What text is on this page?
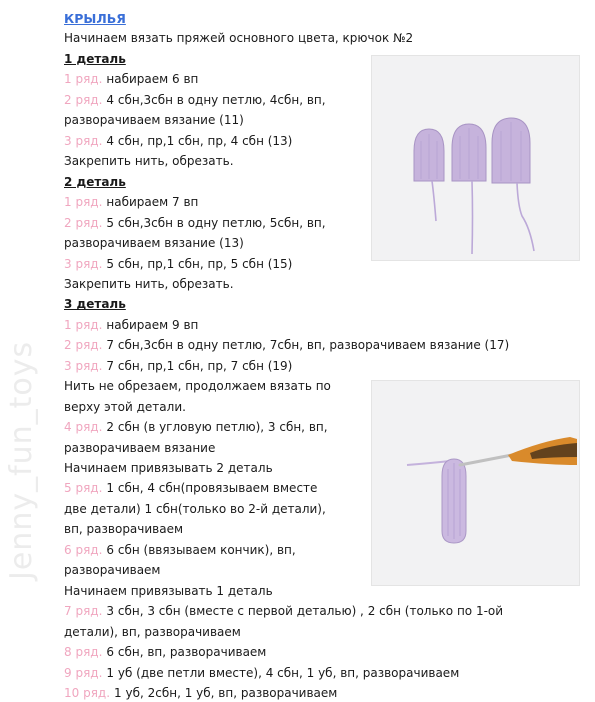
Jenny_fun_toys
КРЫЛЬЯ
Начинаем вязать пряжей основного цвета, крючок №2
1 деталь
1 ряд. набираем 6 вп
2 ряд. 4 сбн,3сбн в одну петлю, 4сбн, вп,
разворачиваем вязание (11)
3 ряд. 4 сбн, пр,1 сбн, пр, 4 сбн (13)
Закрепить нить, обрезать.
2 деталь
1 ряд. набираем 7 вп
2 ряд. 5 сбн,3сбн в одну петлю, 5сбн, вп,
разворачиваем вязание (13)
3 ряд. 5 сбн, пр,1 сбн, пр, 5 сбн (15)
Закрепить нить, обрезать.
3 деталь
1 ряд. набираем 9 вп
2 ряд. 7 сбн,3сбн в одну петлю, 7сбн, вп, разворачиваем вязание (17)
3 ряд. 7 сбн, пр,1 сбн, пр, 7 сбн (19)
Нить не обрезаем, продолжаем вязать по
верху этой детали.
4 ряд. 2 сбн (в угловую петлю), 3 сбн, вп,
разворачиваем вязание
Начинаем привязывать 2 деталь
5 ряд. 1 сбн, 4 сбн(провязываем вместе
две детали) 1 сбн(только во 2-й детали),
вп, разворачиваем
6 ряд. 6 сбн (ввязываем кончик), вп,
разворачиваем
Начинаем привязывать 1 деталь
7 ряд. 3 сбн, 3 сбн (вместе с первой деталью) , 2 сбн (только по 1-ой
детали), вп, разворачиваем
8 ряд. 6 сбн, вп, разворачиваем
9 ряд. 1 уб (две петли вместе), 4 сбн, 1 уб, вп, разворачиваем
10 ряд. 1 уб, 2сбн, 1 уб, вп, разворачиваем
